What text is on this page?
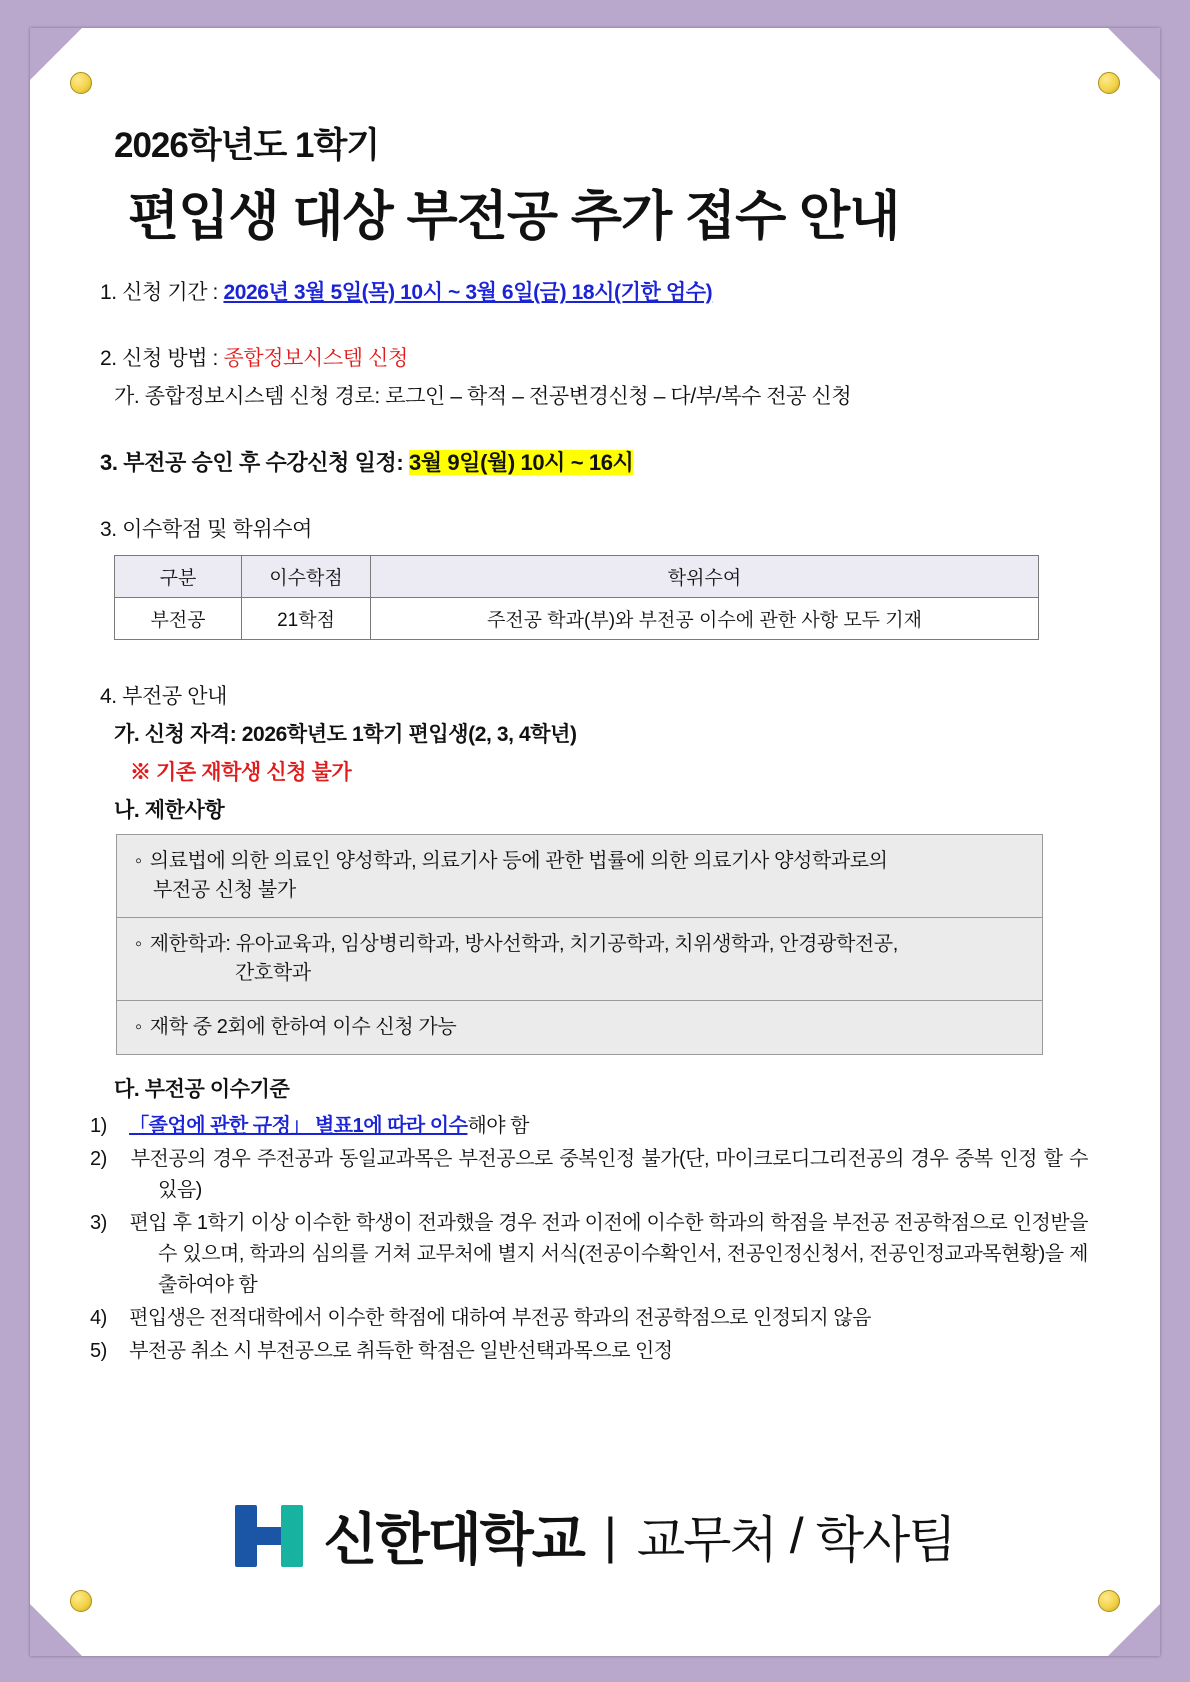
2026학년도 1학기
편입생 대상 부전공 추가 접수 안내
1. 신청 기간 : 2026년 3월 5일(목) 10시 ~ 3월 6일(금) 18시(기한 엄수)
2. 신청 방법 : 종합정보시스템 신청
가. 종합정보시스템 신청 경로: 로그인 – 학적 – 전공변경신청 – 다/부/복수 전공 신청
3. 부전공 승인 후 수강신청 일정: 3월 9일(월) 10시 ~ 16시
3. 이수학점 및 학위수여
구분	이수학점	학위수여
부전공	21학점	주전공 학과(부)와 부전공 이수에 관한 사항 모두 기재
4. 부전공 안내
가. 신청 자격: 2026학년도 1학기 편입생(2, 3, 4학년)
※ 기존 재학생 신청 불가
나. 제한사항
◦ 의료법에 의한 의료인 양성학과, 의료기사 등에 관한 법률에 의한 의료기사 양성학과로의
부전공 신청 불가
◦ 제한학과: 유아교육과, 임상병리학과, 방사선학과, 치기공학과, 치위생학과, 안경광학전공,
간호학과
◦ 재학 중 2회에 한하여 이수 신청 가능
다. 부전공 이수기준
1) 「졸업에 관한 규정」 별표1에 따라 이수해야 함
2) 부전공의 경우 주전공과 동일교과목은 부전공으로 중복인정 불가(단, 마이크로디그리전공의 경우 중복 인정 할 수 있음)
3) 편입 후 1학기 이상 이수한 학생이 전과했을 경우 전과 이전에 이수한 학과의 학점을 부전공 전공학점으로 인정받을 수 있으며, 학과의 심의를 거쳐 교무처에 별지 서식(전공이수확인서, 전공인정신청서, 전공인정교과목현황)을 제출하여야 함
4) 편입생은 전적대학에서 이수한 학점에 대하여 부전공 학과의 전공학점으로 인정되지 않음
5) 부전공 취소 시 부전공으로 취득한 학점은 일반선택과목으로 인정
신한대학교 | 교무처 / 학사팀
